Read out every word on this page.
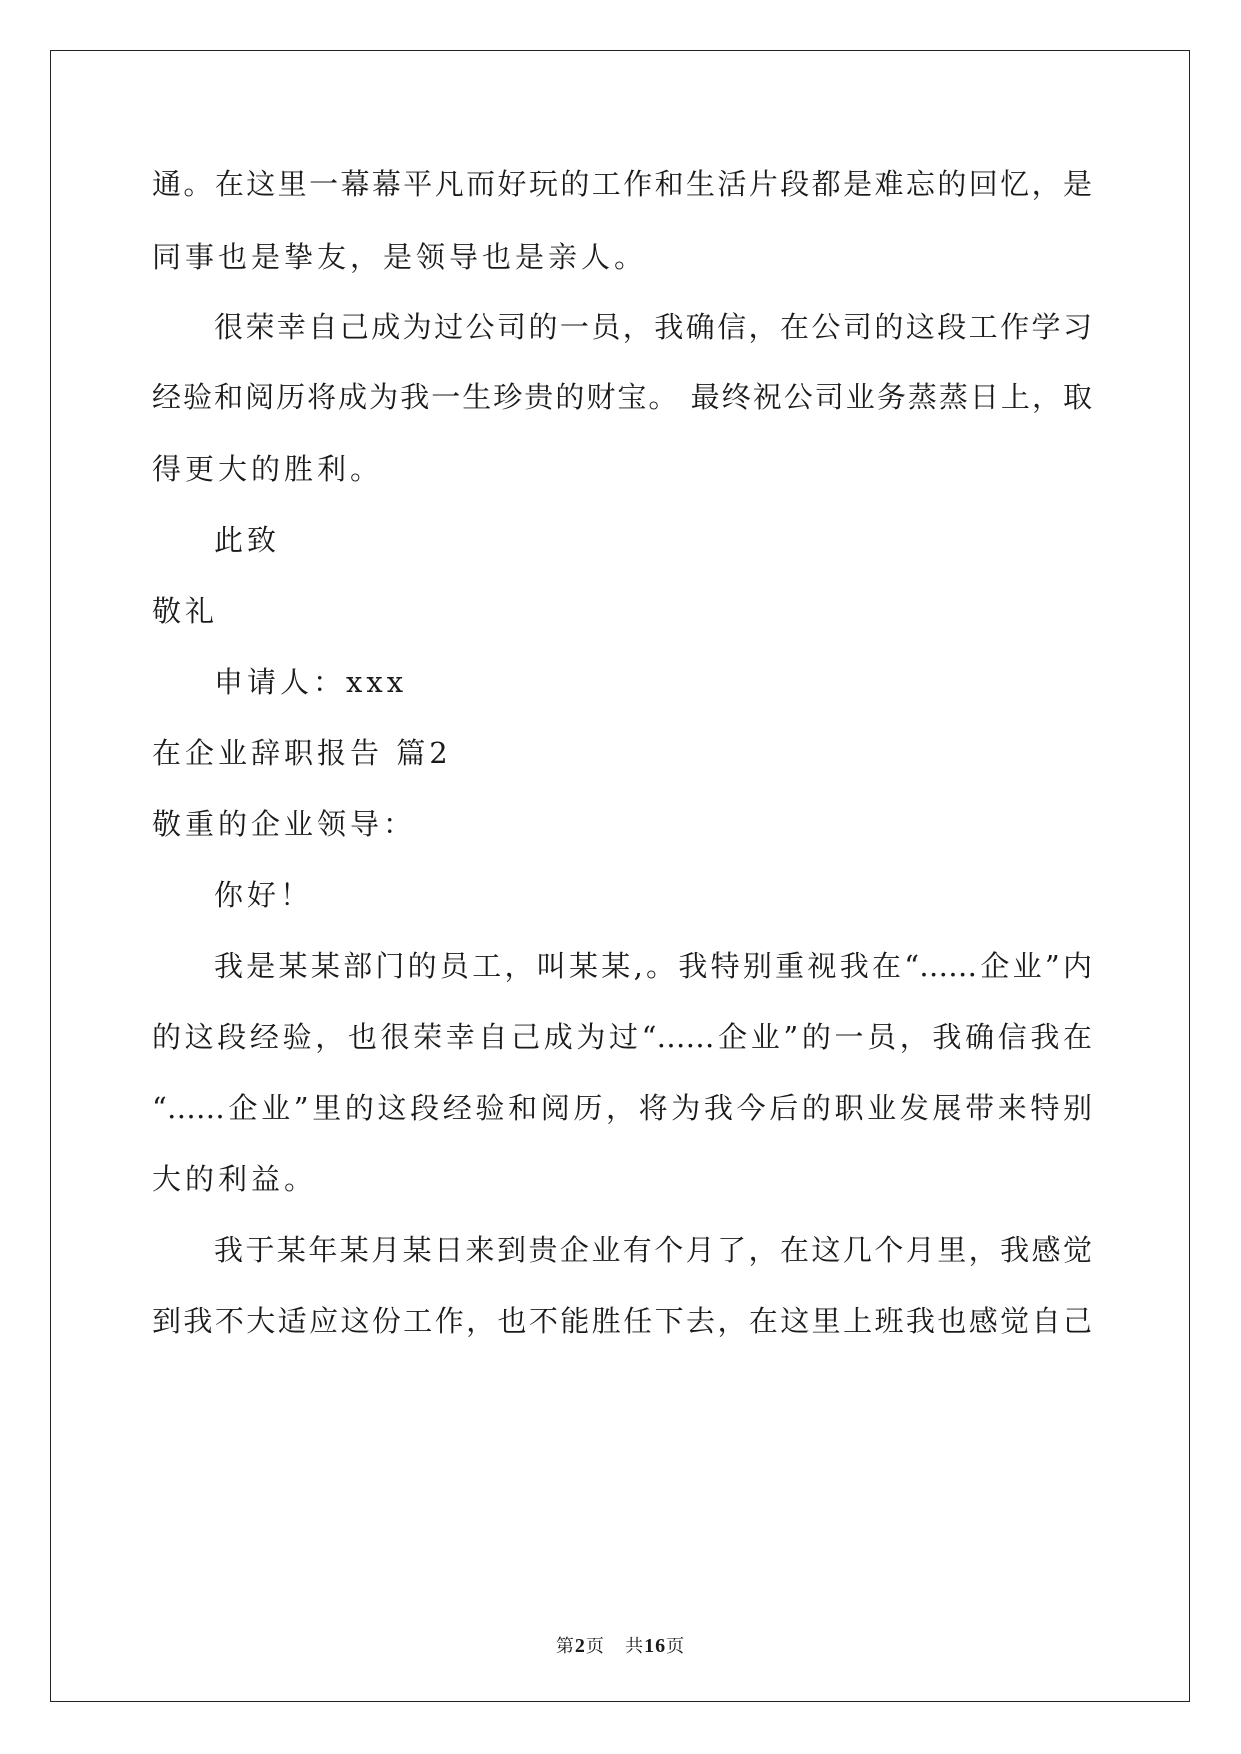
通。在这里一幕幕平凡而好玩的工作和生活片段都是难忘的回忆，是
同事也是挚友，是领导也是亲人。
很荣幸自己成为过公司的一员，我确信，在公司的这段工作学习
经验和阅历将成为我一生珍贵的财宝。 最终祝公司业务蒸蒸日上，取
得更大的胜利。
此致
敬礼
申请人：xxx
在企业辞职报告 篇2
敬重的企业领导：
你好！
我是某某部门的员工，叫某某,。我特别重视我在“……企业”内
的这段经验，也很荣幸自己成为过“……企业”的一员，我确信我在
“……企业”里的这段经验和阅历，将为我今后的职业发展带来特别
大的利益。
我于某年某月某日来到贵企业有个月了，在这几个月里，我感觉
到我不大适应这份工作，也不能胜任下去，在这里上班我也感觉自己
第2页 共16页
